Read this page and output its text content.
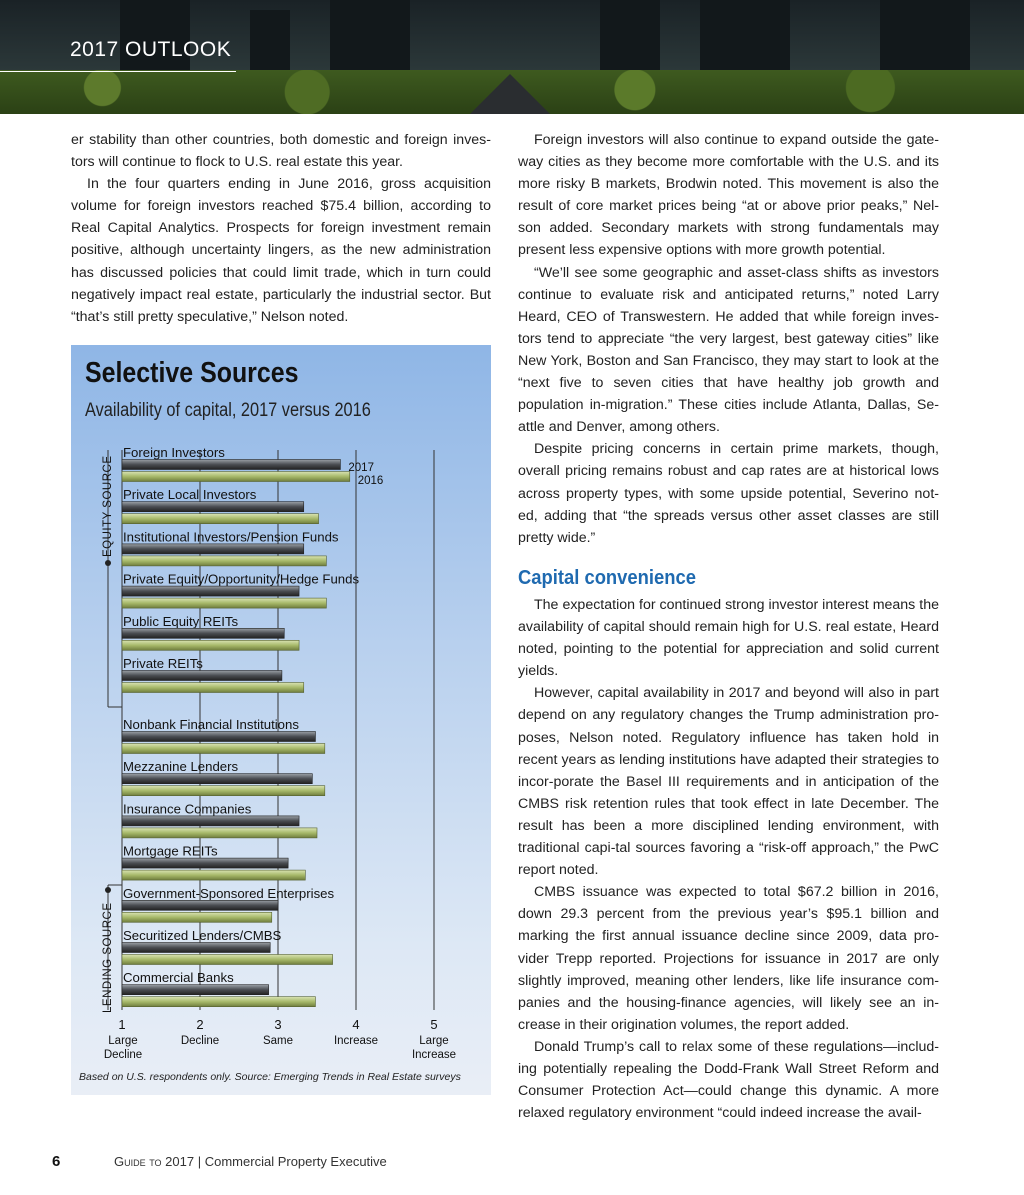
2017 OUTLOOK

er stability than other countries, both domestic and foreign inves-tors will continue to flock to U.S. real estate this year.

In the four quarters ending in June 2016, gross acquisition volume for foreign investors reached $75.4 billion, according to Real Capital Analytics. Prospects for foreign investment remain positive, although uncertainty lingers, as the new administration has discussed policies that could limit trade, which in turn could negatively impact real estate, particularly the industrial sector. But “that’s still pretty speculative,” Nelson noted.

Selective Sources
Availability of capital, 2017 versus 2016
1
Large
Decline
2
Decline
3
Same
4
Increase
5
Large
Increase
EQUITY SOURCE
LENDING SOURCE
Foreign Investors
2017
2016
Private Local Investors
Institutional Investors/Pension Funds
Private Equity/Opportunity/Hedge Funds
Public Equity REITs
Private REITs
Nonbank Financial Institutions
Mezzanine Lenders
Insurance Companies
Mortgage REITs
Government-Sponsored Enterprises
Securitized Lenders/CMBS
Commercial Banks
Based on U.S. respondents only. Source: Emerging Trends in Real Estate surveys

Foreign investors will also continue to expand outside the gate-way cities as they become more comfortable with the U.S. and its more risky B markets, Brodwin noted. This movement is also the result of core market prices being “at or above prior peaks,” Nel-son added. Secondary markets with strong fundamentals may present less expensive options with more growth potential.

“We’ll see some geographic and asset-class shifts as investors continue to evaluate risk and anticipated returns,” noted Larry Heard, CEO of Transwestern. He added that while foreign inves-tors tend to appreciate “the very largest, best gateway cities” like New York, Boston and San Francisco, they may start to look at the “next five to seven cities that have healthy job growth and population in-migration.” These cities include Atlanta, Dallas, Se-attle and Denver, among others.

Despite pricing concerns in certain prime markets, though, overall pricing remains robust and cap rates are at historical lows across property types, with some upside potential, Severino not-ed, adding that “the spreads versus other asset classes are still pretty wide.”

Capital convenience

The expectation for continued strong investor interest means the availability of capital should remain high for U.S. real estate, Heard noted, pointing to the potential for appreciation and solid current yields.

However, capital availability in 2017 and beyond will also in part depend on any regulatory changes the Trump administration pro-poses, Nelson noted. Regulatory influence has taken hold in recent years as lending institutions have adapted their strategies to incor-porate the Basel III requirements and in anticipation of the CMBS risk retention rules that took effect in late December. The result has been a more disciplined lending environment, with traditional capi-tal sources favoring a “risk-off approach,” the PwC report noted.

CMBS issuance was expected to total $67.2 billion in 2016, down 29.3 percent from the previous year’s $95.1 billion and marking the first annual issuance decline since 2009, data pro-vider Trepp reported. Projections for issuance in 2017 are only slightly improved, meaning other lenders, like life insurance com-panies and the housing-finance agencies, will likely see an in-crease in their origination volumes, the report added.

Donald Trump’s call to relax some of these regulations—includ-ing potentially repealing the Dodd-Frank Wall Street Reform and Consumer Protection Act—could change this dynamic. A more relaxed regulatory environment “could indeed increase the avail-

6	Guide to 2017 | Commercial Property Executive
